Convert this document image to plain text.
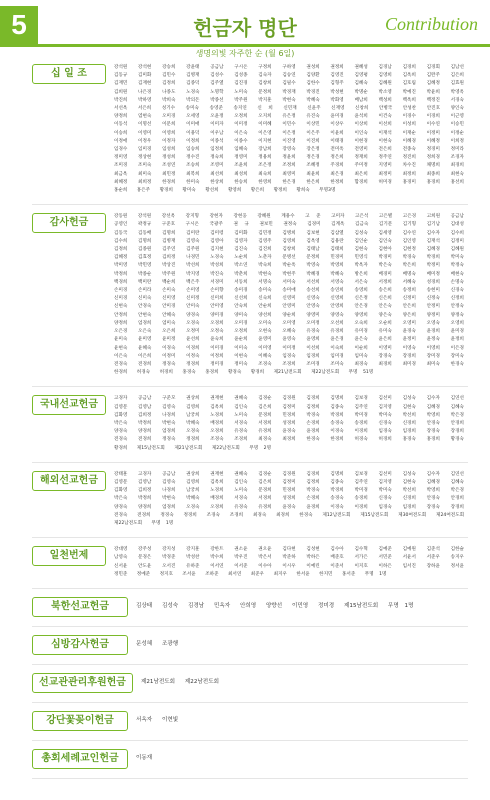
5	Contribution
헌금자 명단
생명의빛 자주한 순 (월 6일)
십 일 조
강석원 강석현 강승희 강윤태 공금남 구시온 구정희 구하영 권성희 권정희 권혜성 김경남 김경희 김경회 김남선 김동규 김미화 김민수 김병재 김성수 김성종 김숙자 김승연 김양환 김영진 김영평 김영희 김옥희 김완주 김은희 김재민 김재현 김정희 김종덕 김주열 김진경 김창희 김필수 김한수 김형주 김혜숙 김혜원 김호림 김혜정 김효원 김희원 나은경 나종도 노경숙 노명학 노미숙 문정희 박경재 박경진 박성현 박명순 박소영 박예진 박윤희 박영옥 박진희 박하영 박희숙 박의돈 박종선 박주원 박지훈 박현숙 박혜숙 박화영 배남희 백성희 백옥희 백정진 서경숙 서선옥 서은희 성기수 송미숙 송영준 송지연 신 희 신민재 신윤주 신재영 신창희 안병국 안성찬 안진호 양인숙 양정희 염현숙 오미경 오세영 오윤정 오정희 오지희 유은정 유진숙 윤미경 윤석희 이건숙 이경수 이경희 이근영 이동석 이명선 이문희 이미애 이미자 이미정 이미혜 이민수 이상민 이상우 이상희 이선희 이성희 이수연 이승민 이승희 이영미 이영희 이용덕 이우남 이은숙 이은영 이은정 이은주 이윤희 이인숙 이재석 이재순 이정미 이정순 이정애 이정우 이정자 이정희 이종석 이종수 이지현 이진영 이진희 이태경 이현경 이현숙 이혜경 이혜정 이희정 임경수 임미경 임성희 임승희 임정희 임혜숙 장남희 장영숙 장은정 전미옥 전영미 전은희 전종숙 정경미 정미라 정미영 정상현 정성희 정수진 정숙희 정영미 정용희 정윤희 정은경 정은희 정재희 정주연 정진희 정희경 조경자 조미경 조미숙 조성연 조승희 조영미 조윤희 조은정 조정희 조혜정 주경희 주미정 지영미 차수진 채명희 최경희 최금옥 최미숙 최민정 최복희 최선희 최성희 최숙희 최영미 최윤희 최은경 최은희 최정미 최정희 최종희 최현숙 최혜정 최희정 한경희 한미숙 한상희 한승희 한영희 한은경 한은희 한정희 함경희 허미경 홍경미 홍경희 홍선희 홍순희 홍은주 황경희 황미숙 황선희 황영희 황은희 황정희 황희숙 무명3명
감사헌금
강동원 강석원 강선옥 강지형 강현자 강현웅 강혜원 계용수 고 준 고미자 고은석 고은별 고은경 고희원 공금남 공영인 곽정규 구준호 구시온 국광주 권 규 권보민 권정숙 김경미 김계옥 김금숙 김기문 김기형 김기남 김대성 김동국 김동배 김명희 김미란 김미령 김미화 김민정 김병희 김보현 김삼열 김성숙 김세영 김수연 김수자 김수희 김수희 김명희 김병재 김영숙 김영아 김영자 김영주 김영희 김옥영 김용란 김인순 김인숙 김인영 김재석 김정미 김정희 김종원 김주연 김주원 김지현 김진숙 김진희 김창희 김태남 김태희 김현숙 김현아 김현정 김혜경 김혜원 김혜정 김효정 김희정 나경민 노경숙 노순희 노춘자 문병선 문정희 민경미 민영식 박경미 박경숙 박경희 박미숙 박미영 박민영 박상진 박선희 박성희 박소연 박숙희 박순옥 박영숙 박영희 박옥자 박은숙 박은희 박정미 박정숙 박정희 박종순 박주원 박지영 박진숙 박춘희 박현숙 박현주 박혜경 박혜숙 방은희 배경미 배명숙 배미정 배현숙 백경희 백미란 백순희 백은주 서경미 서동희 서명숙 서미숙 서선희 서영숙 서은숙 서정희 서혜숙 성경희 손명숙 손미경 손미라 손미숙 손미영 손미향 송미경 송미숙 송미애 송선희 송연희 송영희 송은희 송정희 송현미 신경숙 신미경 신미숙 신미영 신미정 신미희 신선희 신숙희 신영미 신영숙 신영희 신은정 신은희 신정미 신정숙 신정희 신현숙 안경숙 안미경 안미숙 안미영 안숙희 안순희 안영미 안영숙 안영희 안은경 안은숙 안은희 안정미 안정숙 안정희 안현숙 안혜숙 양경숙 양미경 양미숙 양선희 양순희 양영미 양영숙 양영희 양은숙 양은희 양정미 양정숙 양정희 엄경희 엄미숙 오경숙 오경희 오미경 오미숙 오미영 오미정 오선희 오숙희 오순희 오영미 오영숙 오영희 오은경 오은숙 오은희 오정미 오정숙 오정희 오현숙 오혜숙 유경숙 유경희 유미경 유미숙 윤경숙 윤경희 윤미경 윤미숙 윤미영 윤미정 윤선희 윤숙희 윤순희 윤영미 윤영숙 윤영희 윤은경 윤은숙 윤은희 윤정미 윤정숙 윤정희 윤현숙 윤혜숙 이경숙 이경희 이미경 이미숙 이미영 이미정 이선희 이숙희 이순희 이영미 이영숙 이영희 이은경 이은숙 이은희 이정미 이정숙 이정희 이현숙 이혜숙 임경숙 임경희 임미경 임미숙 장경숙 장경희 장미경 장미숙 전경숙 전경희 정경숙 정경희 정미경 정미숙 조경숙 조경희 조미경 조미숙 최경숙 최경희 최미경 최미숙 한경숙 한경희 허경숙 허경희 홍경숙 홍경희 황경숙 황경희 제21남전도회 제22남전도회 무명 51명
국내선교헌금
고경자 공금남 구준모 권상희 권재현 권혜숙 김경순 김경원 김경희 김명희 김보경 김선미 김성숙 김수자 김연선 김영문 김영남 김영숙 김영희 김옥희 김인숙 김은희 김정미 김정희 김종숙 김주연 김지영 김현숙 김혜경 김혜숙 김화영 김희정 나경희 남궁희 노경희 노미숙 문경희 민경희 박경숙 박경희 박미경 박미숙 박선희 박영희 박은경 박은숙 박정희 박현숙 박혜숙 배경희 서경숙 서경희 성경희 손경희 송경숙 송경희 신경숙 신경희 안경숙 안경희 양경숙 양경희 엄경희 오경숙 오경희 유경숙 유경희 윤경숙 윤경희 이경숙 이경희 임경숙 임경희 장경숙 장경희 전경숙 전경희 정경숙 정경희 조경숙 조경희 최경숙 최경희 한경숙 한경희 허경숙 허경희 홍경숙 홍경희 황경숙 황경희 제15남전도회 제21남전도회 제22남전도회 무명 2명
해외선교헌금
강태훈 고경자 공금남 권상희 권재현 권혜숙 김경순 김경원 김경희 김명희 김보경 김선미 김성숙 김수자 김연선 김영문 김영남 김영숙 김영희 김옥희 김인숙 김은희 김정미 김정희 김종숙 김주연 김지영 김현숙 김혜경 김혜숙 김화영 김희정 나경희 남궁희 노경희 노미숙 문경희 민경희 박경숙 박경희 박미경 박미숙 박선희 박영희 박은경 박은숙 박정희 박현숙 박혜숙 배경희 서경숙 서경희 성경희 손경희 송경숙 송경희 신경숙 신경희 안경숙 안경희 양경숙 양경희 엄경희 오경숙 오경희 유경숙 유경희 윤경숙 윤경희 이경숙 이경희 임경숙 임경희 장경숙 장경희 전경숙 전경희 정경숙 정경희 조경숙 조경희 최경숙 최경희 한경숙 제12남전도회 제15남전도회 제30여전도회 제24여전도회 제22남전도회 무명 1명
일천번제
강대영 강주성 강지성 강지훈 강한트 권소윤 권오윤 김다현 김성현 김수아 김수혁 김예준 김예원 김준석 김한슬 남영숙 문경은 박경준 박성찬 박수희 박우진 박은서 박준하 박하은 배준호 서가은 서민준 서윤서 서준우 송지우 신서윤 안도윤 오서진 유하준 이서연 이서준 이수아 이시우 이예린 이준서 이지호 이하은 임서진 장하윤 정서윤 정민준 정예준 정지호 조서윤 조하준 최서연 최준우 최지우 한서윤 한지민 홍서준 무명 1명
북한선교헌금	김상태 김성숙 김경남 민옥자 안희영 양향선 이민영 정미경 제15남전도회 무명 1명
심방감사헌금	문성혜 조광행
선교관관리후원헌금	제21남전도회 제22남전도회
강단꽃꽂이헌금	서옥자 이현빛
총회세례교인헌금	이동재
